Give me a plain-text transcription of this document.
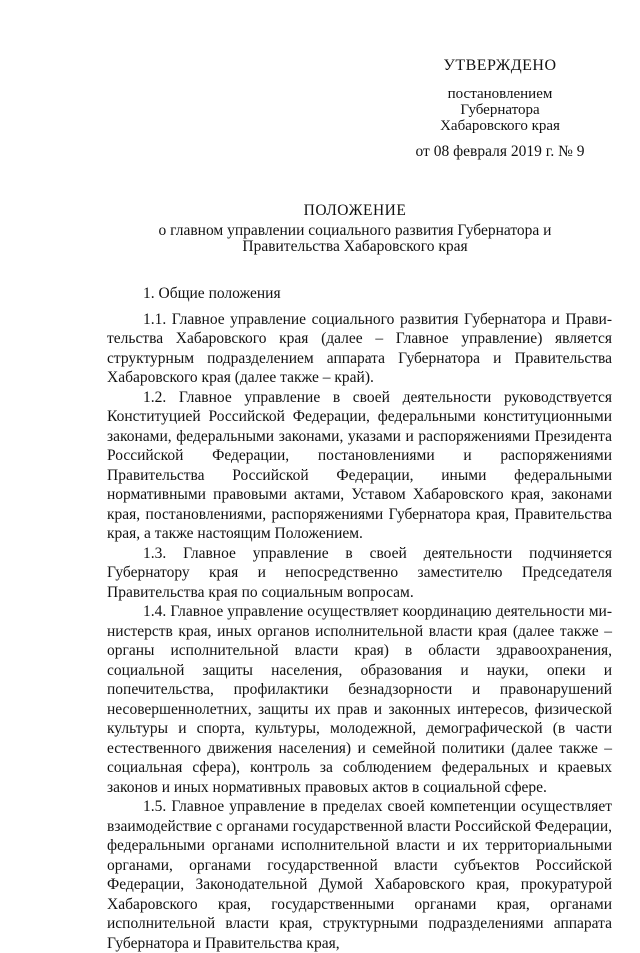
УТВЕРЖДЕНО
постановлением
Губернатора
Хабаровского края
от 08 февраля 2019 г. № 9
ПОЛОЖЕНИЕ
о главном управлении социального развития Губернатора и
Правительства Хабаровского края

1. Общие положения

1.1. Главное управление социального развития Губернатора и Правительства Хабаровского края (далее – Главное управление) является структурным подразделением аппарата Губернатора и Правительства Хабаровского края (далее также – край).

1.2. Главное управление в своей деятельности руководствуется Конституцией Российской Федерации, федеральными конституционными законами, федеральными законами, указами и распоряжениями Президента Российской Федерации, постановлениями и распоряжениями Правительства Российской Федерации, иными федеральными нормативными правовыми актами, Уставом Хабаровского края, законами края, постановлениями, распоряжениями Губернатора края, Правительства края, а также настоящим Положением.

1.3. Главное управление в своей деятельности подчиняется Губернатору края и непосредственно заместителю Председателя Правительства края по социальным вопросам.

1.4. Главное управление осуществляет координацию деятельности министерств края, иных органов исполнительной власти края (далее также – органы исполнительной власти края) в области здравоохранения, социальной защиты населения, образования и науки, опеки и попечительства, профилактики безнадзорности и правонарушений несовершеннолетних, защиты их прав и законных интересов, физической культуры и спорта, культуры, молодежной, демографической (в части естественного движения населения) и семейной политики (далее также – социальная сфера), контроль за соблюдением федеральных и краевых законов и иных нормативных правовых актов в социальной сфере.

1.5. Главное управление в пределах своей компетенции осуществляет взаимодействие с органами государственной власти Российской Федерации, федеральными органами исполнительной власти и их территориальными органами, органами государственной власти субъектов Российской Федерации, Законодательной Думой Хабаровского края, прокуратурой Хабаровского края, государственными органами края, органами исполнительной власти края, структурными подразделениями аппарата Губернатора и Правительства края,
